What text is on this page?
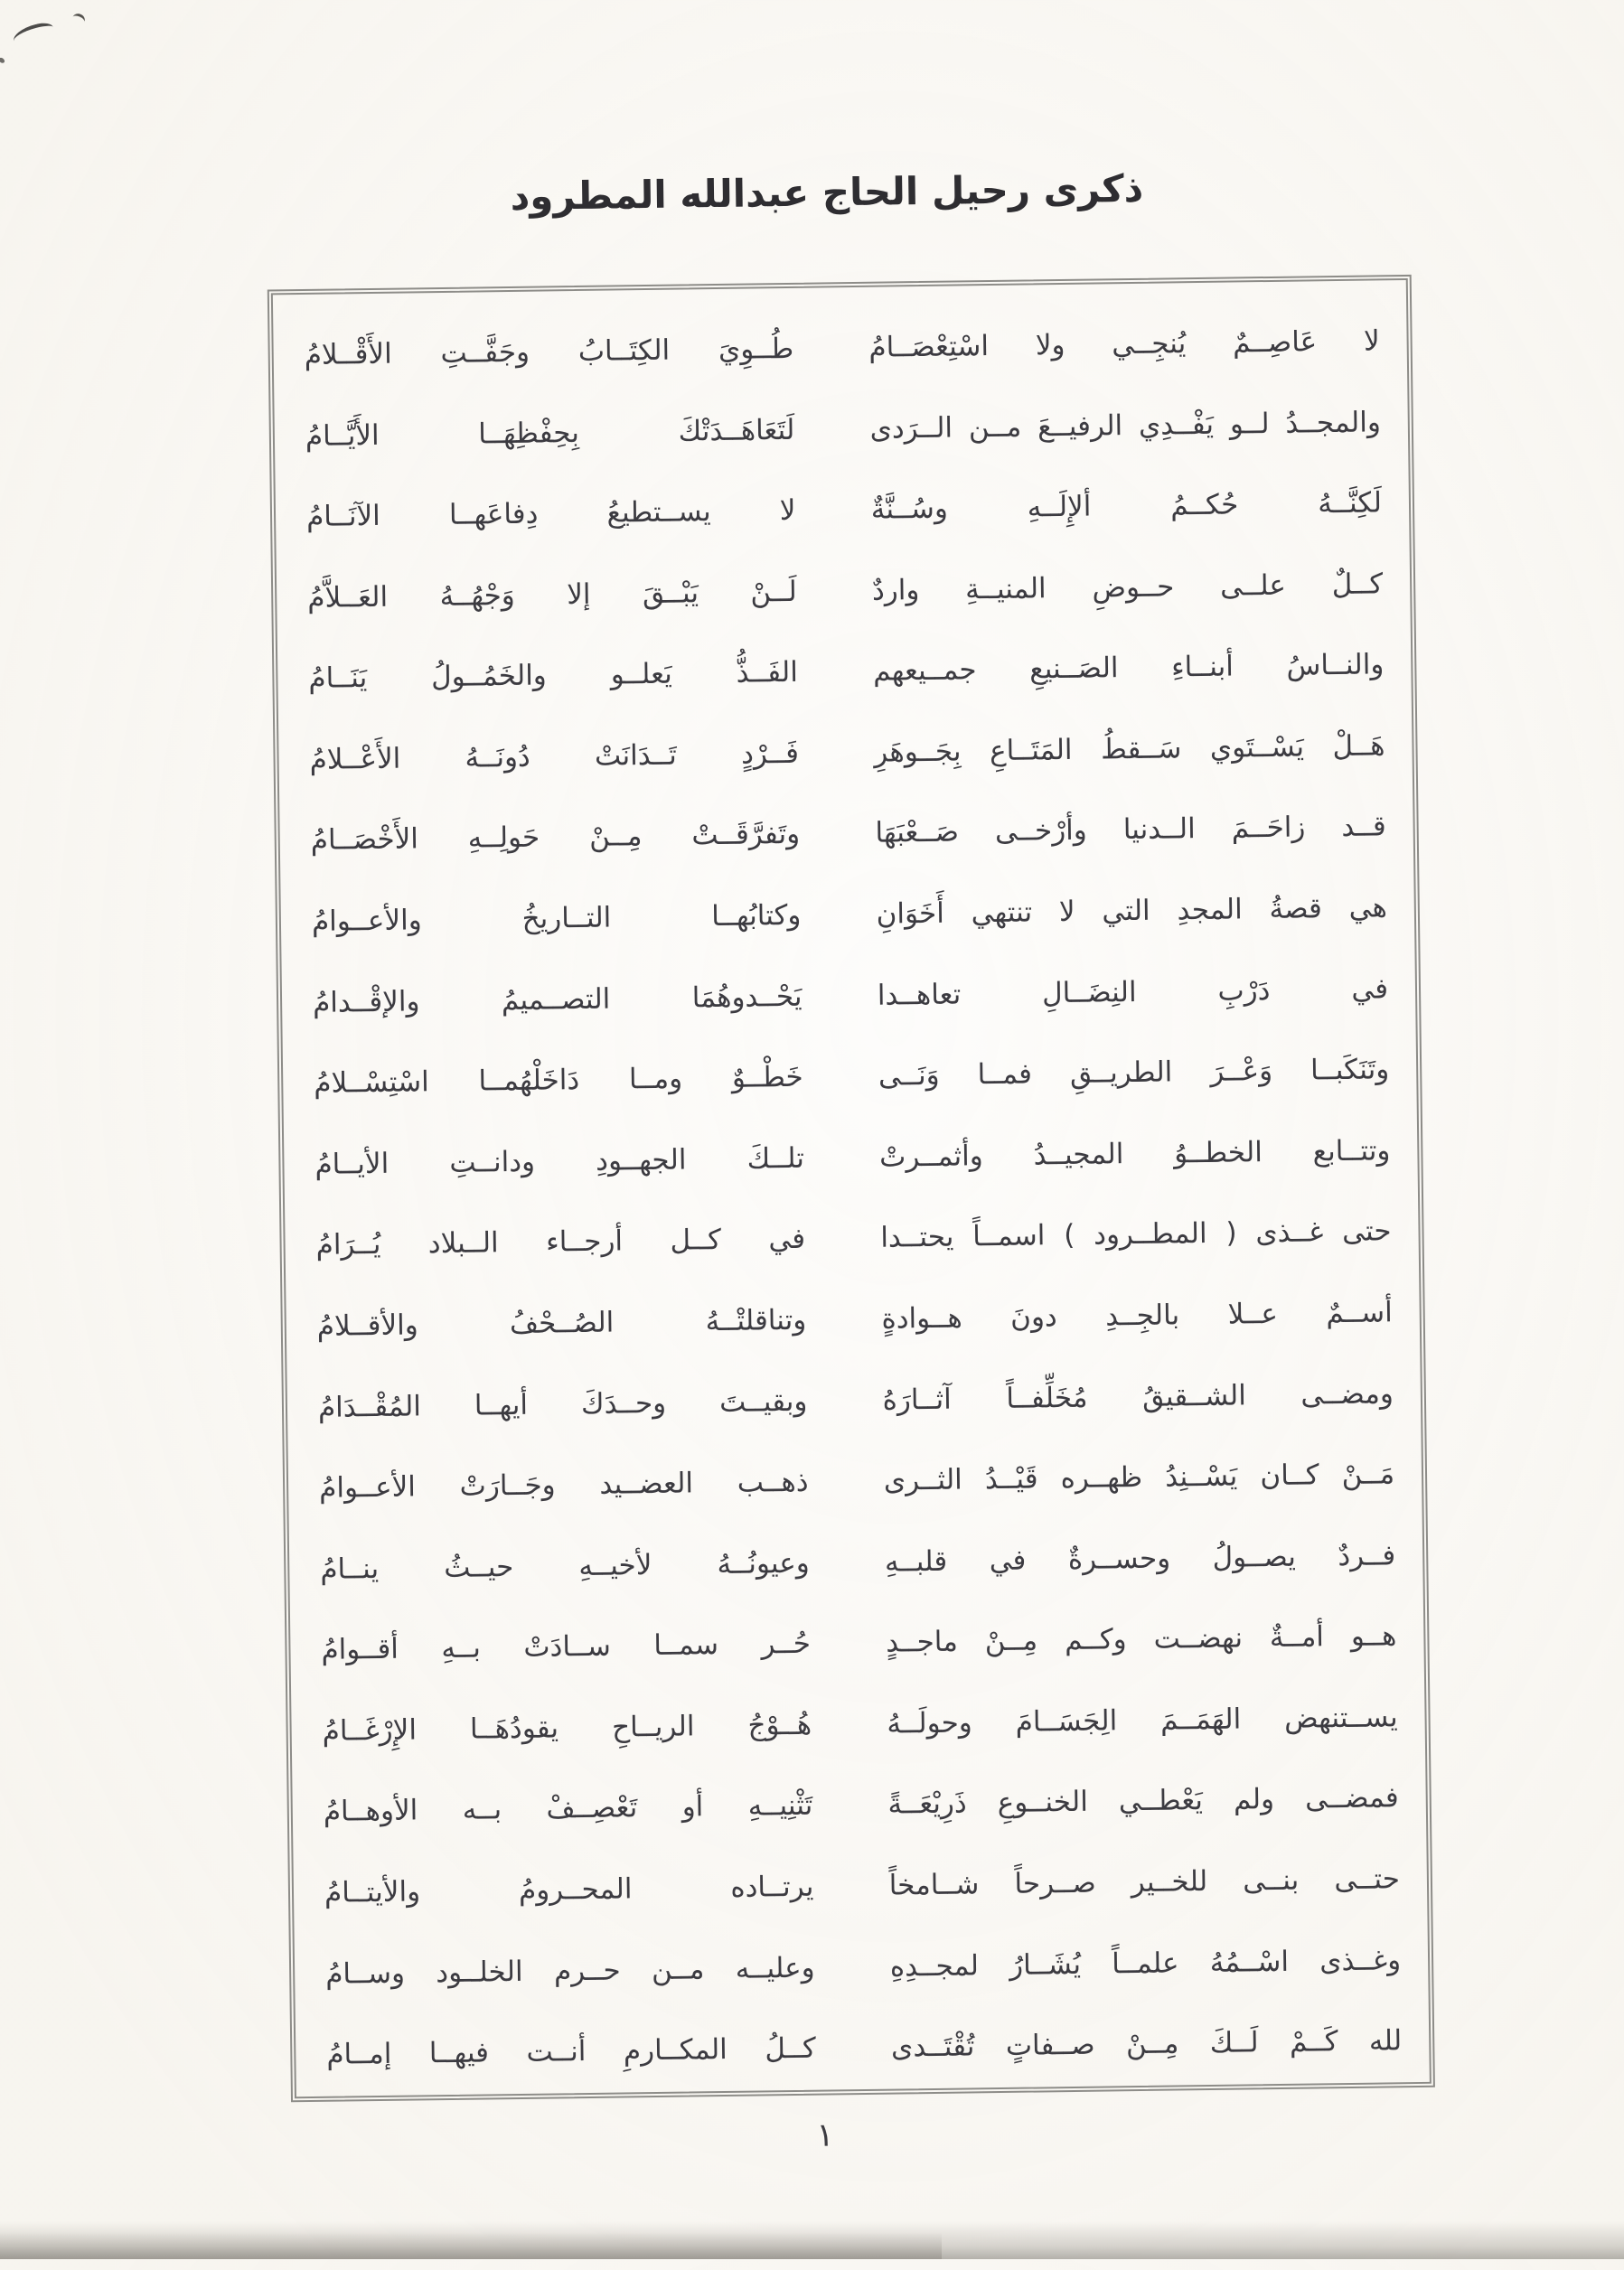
ذكرى رحيل الحاج عبدالله المطرود
لا عَاصِــمٌ يُنجِــي ولا اسْتِعْصَــامُ
طُــوِيَ الكِتَــابُ وجَفَّــتِ الأَقْــلامُ
والمجــدُ لــو يَفْــدِي الرفيــعَ مــن الــرَدى
لَتَعَاهَــدَتْكَ بِحِفْظِهَــا الأَيَّــامُ
لَكِنَّــهُ حُكــمُ ألإِلَــهِ وسُــنَّةٌ
لا يســتطيعُ دِفاعَهــا الآنَــامُ
كــلٌ علــى حــوضِ المنيــةِ واردٌ
لَــنْ يَبْــقَ إلا وَجْهُــهُ العَــلاَّمُ
والنــاسُ أبنــاءِ الصَــنيعِ جمــيعهم
الفَــذُّ يَعلــو والخَمُــولُ يَنَــامُ
هَــلْ يَسْــتَوي سَــقطُ المَتَــاعِ بِجَــوهَرِ
فَــرْدٍ تَــدَانَتْ دُونَــهُ الأَعْــلامُ
قــد زاحَــمَ الــدنيا وأرْخــى صَــعْبَهَا
وتَفرَّقَــتْ مِــنْ حَولِــهِ الأَخْصَــامُ
هي قصةُ المجدِ التي لا تنتهي أَخَوَانِ
وكتابُهــا التــاريخُ والأعــوامُ
في دَرْبِ النِضَــالِ تعاهــدا
يَحْــدوهُمَا التصــميمُ والإقْــدامُ
وتَنَكَبــا وَعْــرَ الطريــقِ فمــا وَنَــى
خَطْــوٌ ومــا دَاخَلْهُمــا اسْتِسْــلامُ
وتتــابع الخطــوُ المجيــدُ وأثمــرتْ
تلــكَ الجهــودِ ودانــتِ الأيــامُ
حتى غــذى ( المطــرود ) اسمــاً يحتــدا
في كــل أرجــاء الــبلاد يُــرَامُ
أســمٌ عــلا بالجِــدِ دونَ هــوادةٍ
وتناقلتْــهُ الصُــحْفُ والأقــلامُ
ومضــى الشــقيقُ مُخَلِّفــاً آثــارَهُ
وبقيــتَ وحــدَكَ أيهــا المُقْــدَامُ
مَــنْ كــان يَسْــنِدُ ظهــره قَيْــدُ الثــرى
ذهــب العضــيد وجَــارَتْ الأعــوامُ
فــردٌ يصــولُ وحســرةٌ في قلبــهِ
وعيونُــهُ لأخيــهِ حيــثُ ينــامُ
هــو أمــةٌ نهضــت وكــم مِــنْ ماجــدٍ
حُــر سمــا ســادَتْ بــهِ أقــوامُ
يســتنهض الهَمَــمَ الِجَسَــامَ وحولَــهُ
هُــوْجُ الريــاحِ يقودُهَــا الإِرْغَــامُ
فمضــى ولم يَعْطــي الخنــوعِ ذَرِيْعَــةً
تَثْنِيــهِ أو تَعْصِــفْ بــه الأوهــامُ
حتــى بنــى للخــير صــرحاً شــامخاً
يرتــاده المحــرومُ والأيتــامُ
وغــذى اسْــمُهُ علمــاً يُشَــارُ لمجــدِهِ
وعليــه مــن حــرم الخلــود وســامُ
لله كَــمْ لَــكَ مِــنْ صــفاتٍ تُقْتَــدى
كــلُ المكــارمِ أنــت فيهــا إمــامُ
١
